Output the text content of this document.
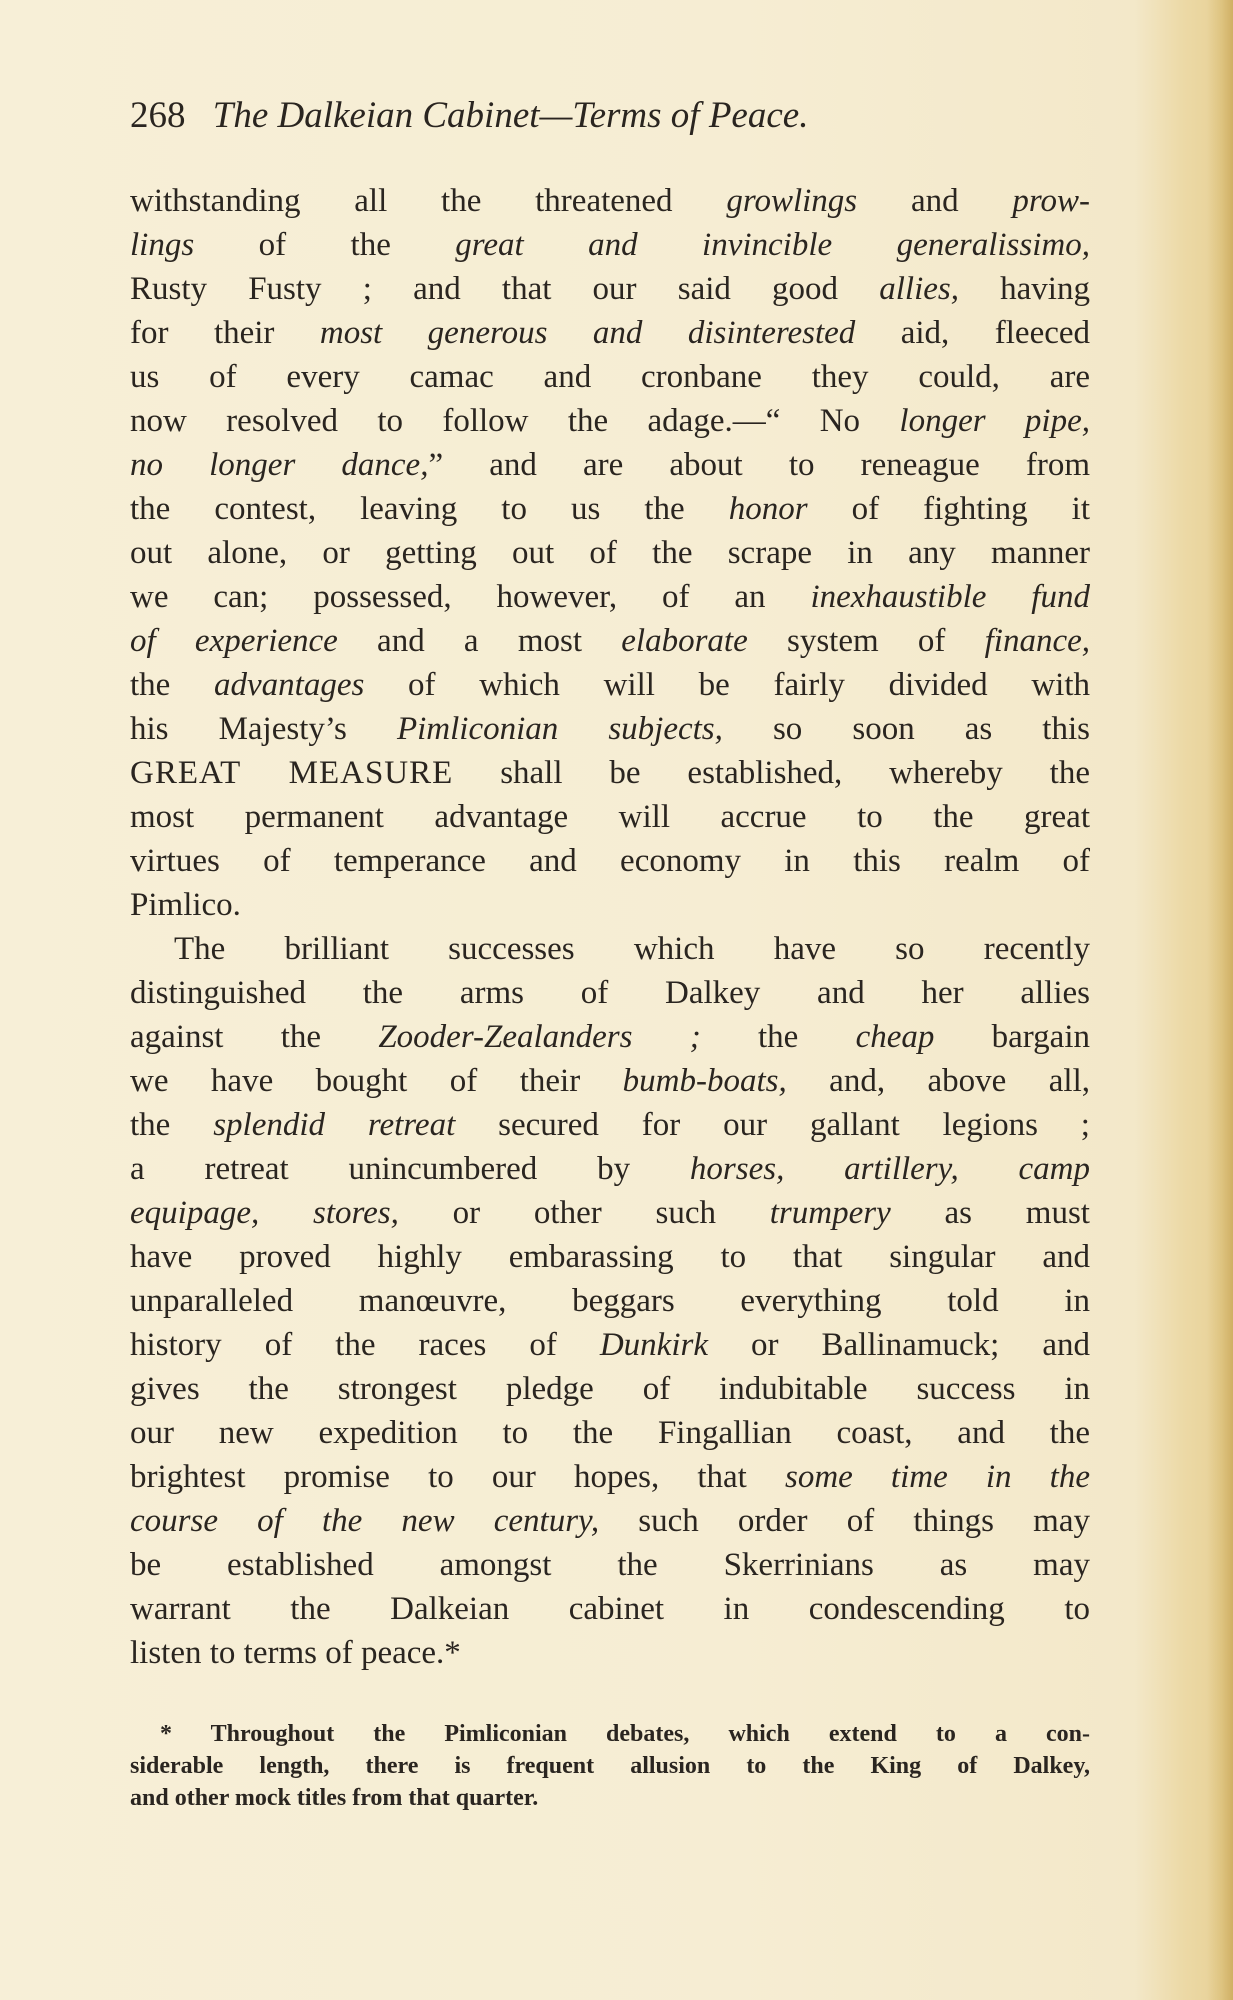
268 The Dalkeian Cabinet—Terms of Peace.
withstanding all the threatened growlings and prow-
lings of the great and invincible generalissimo,
Rusty Fusty ; and that our said good allies, having
for their most generous and disinterested aid, fleeced
us of every camac and cronbane they could, are
now resolved to follow the adage.—“ No longer pipe,
no longer dance,” and are about to reneague from
the contest, leaving to us the honor of fighting it
out alone, or getting out of the scrape in any manner
we can; possessed, however, of an inexhaustible fund
of experience and a most elaborate system of finance,
the advantages of which will be fairly divided with
his Majesty’s Pimliconian subjects, so soon as this
GREAT MEASURE shall be established, whereby the
most permanent advantage will accrue to the great
virtues of temperance and economy in this realm of
Pimlico.
The brilliant successes which have so recently
distinguished the arms of Dalkey and her allies
against the Zooder-Zealanders ; the cheap bargain
we have bought of their bumb-boats, and, above all,
the splendid retreat secured for our gallant legions ;
a retreat unincumbered by horses, artillery, camp
equipage, stores, or other such trumpery as must
have proved highly embarassing to that singular and
unparalleled manœuvre, beggars everything told in
history of the races of Dunkirk or Ballinamuck; and
gives the strongest pledge of indubitable success in
our new expedition to the Fingallian coast, and the
brightest promise to our hopes, that some time in the
course of the new century, such order of things may
be established amongst the Skerrinians as may
warrant the Dalkeian cabinet in condescending to
listen to terms of peace.*
* Throughout the Pimliconian debates, which extend to a con-
siderable length, there is frequent allusion to the King of Dalkey,
and other mock titles from that quarter.
